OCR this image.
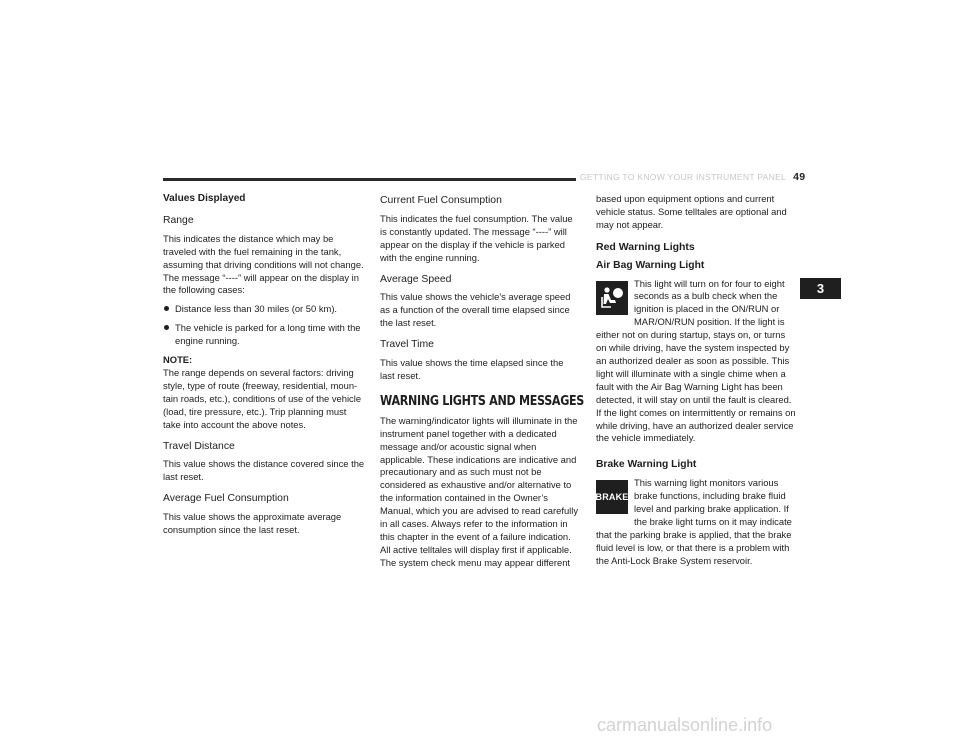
GETTING TO KNOW YOUR INSTRUMENT PANEL 49
3

Values Displayed

Range

This indicates the distance which may be traveled with the fuel remaining in the tank, assuming that driving conditions will not change. The message “----” will appear on the display in the following cases:

Distance less than 30 miles (or 50 km).
The vehicle is parked for a long time with the engine running.

NOTE:

The range depends on several factors: driving style, type of route (freeway, residential, moun-tain roads, etc.), conditions of use of the vehicle (load, tire pressure, etc.). Trip planning must take into account the above notes.

Travel Distance

This value shows the distance covered since the last reset.

Average Fuel Consumption

This value shows the approximate average consumption since the last reset.

Current Fuel Consumption

This indicates the fuel consumption. The value is constantly updated. The message “----” will appear on the display if the vehicle is parked with the engine running.

Average Speed

This value shows the vehicle's average speed as a function of the overall time elapsed since the last reset.

Travel Time

This value shows the time elapsed since the last reset.

WARNING LIGHTS AND MESSAGES

The warning/indicator lights will illuminate in the instrument panel together with a dedicated message and/or acoustic signal when applicable. These indications are indicative and precautionary and as such must not be considered as exhaustive and/or alternative to the information contained in the Owner’s Manual, which you are advised to read carefully in all cases. Always refer to the information in this chapter in the event of a failure indication. All active telltales will display first if applicable. The system check menu may appear different

based upon equipment options and current vehicle status. Some telltales are optional and may not appear.

Red Warning Lights

Air Bag Warning Light

This light will turn on for four to eight seconds as a bulb check when the ignition is placed in the ON/RUN or MAR/ON/RUN position. If the light is either not on during startup, stays on, or turns on while driving, have the system inspected by an authorized dealer as soon as possible. This light will illuminate with a single chime when a fault with the Air Bag Warning Light has been detected, it will stay on until the fault is cleared. If the light comes on intermittently or remains on while driving, have an authorized dealer service the vehicle immediately.

Brake Warning Light

BRAKE

This warning light monitors various brake functions, including brake fluid level and parking brake application. If the brake light turns on it may indicate that the parking brake is applied, that the brake fluid level is low, or that there is a problem with the Anti-Lock Brake System reservoir.

carmanualsonline.info
